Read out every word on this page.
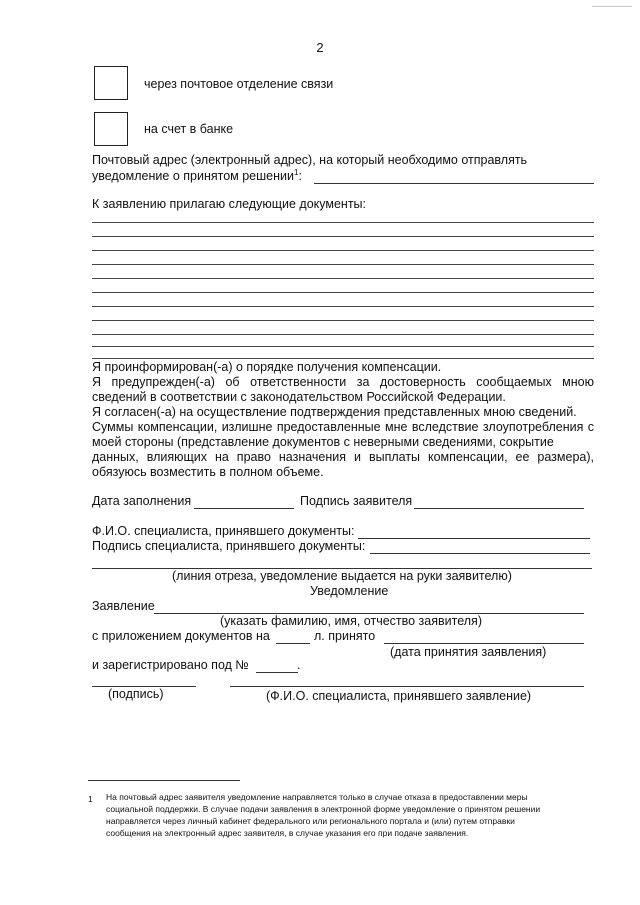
2
через почтовое отделение связи
на счет в банке
Почтовый адрес (электронный адрес), на который необходимо отправлять
уведомление о принятом решении$^1$:
К заявлению прилагаю следующие документы:
Я проинформирован(-а) о порядке получения компенсации.
Я предупрежден(-а) об ответственности за достоверность сообщаемых мною
сведений в соответствии с законодательством Российской Федерации.
Я согласен(-а) на осуществление подтверждения представленных мною сведений.
Суммы компенсации, излишне предоставленные мне вследствие злоупотребления с
моей стороны (представление документов с неверными сведениями, сокрытие
данных, влияющих на право назначения и выплаты компенсации, ее размера),
обязуюсь возместить в полном объеме.
Дата заполнения	Подпись заявителя
Ф.И.О. специалиста, принявшего документы:
Подпись специалиста, принявшего документы:
(линия отреза, уведомление выдается на руки заявителю)
Уведомление
Заявление
(указать фамилию, имя, отчество заявителя)
с приложением документов на	л. принято
(дата принятия заявления)
и зарегистрировано под №	.
(подпись)	(Ф.И.О. специалиста, принявшего заявление)
1 На почтовый адрес заявителя уведомление направляется только в случае отказа в предоставлении меры
социальной поддержки. В случае подачи заявления в электронной форме уведомление о принятом решении
направляется через личный кабинет федерального или регионального портала и (или) путем отправки
сообщения на электронный адрес заявителя, в случае указания его при подаче заявления.
